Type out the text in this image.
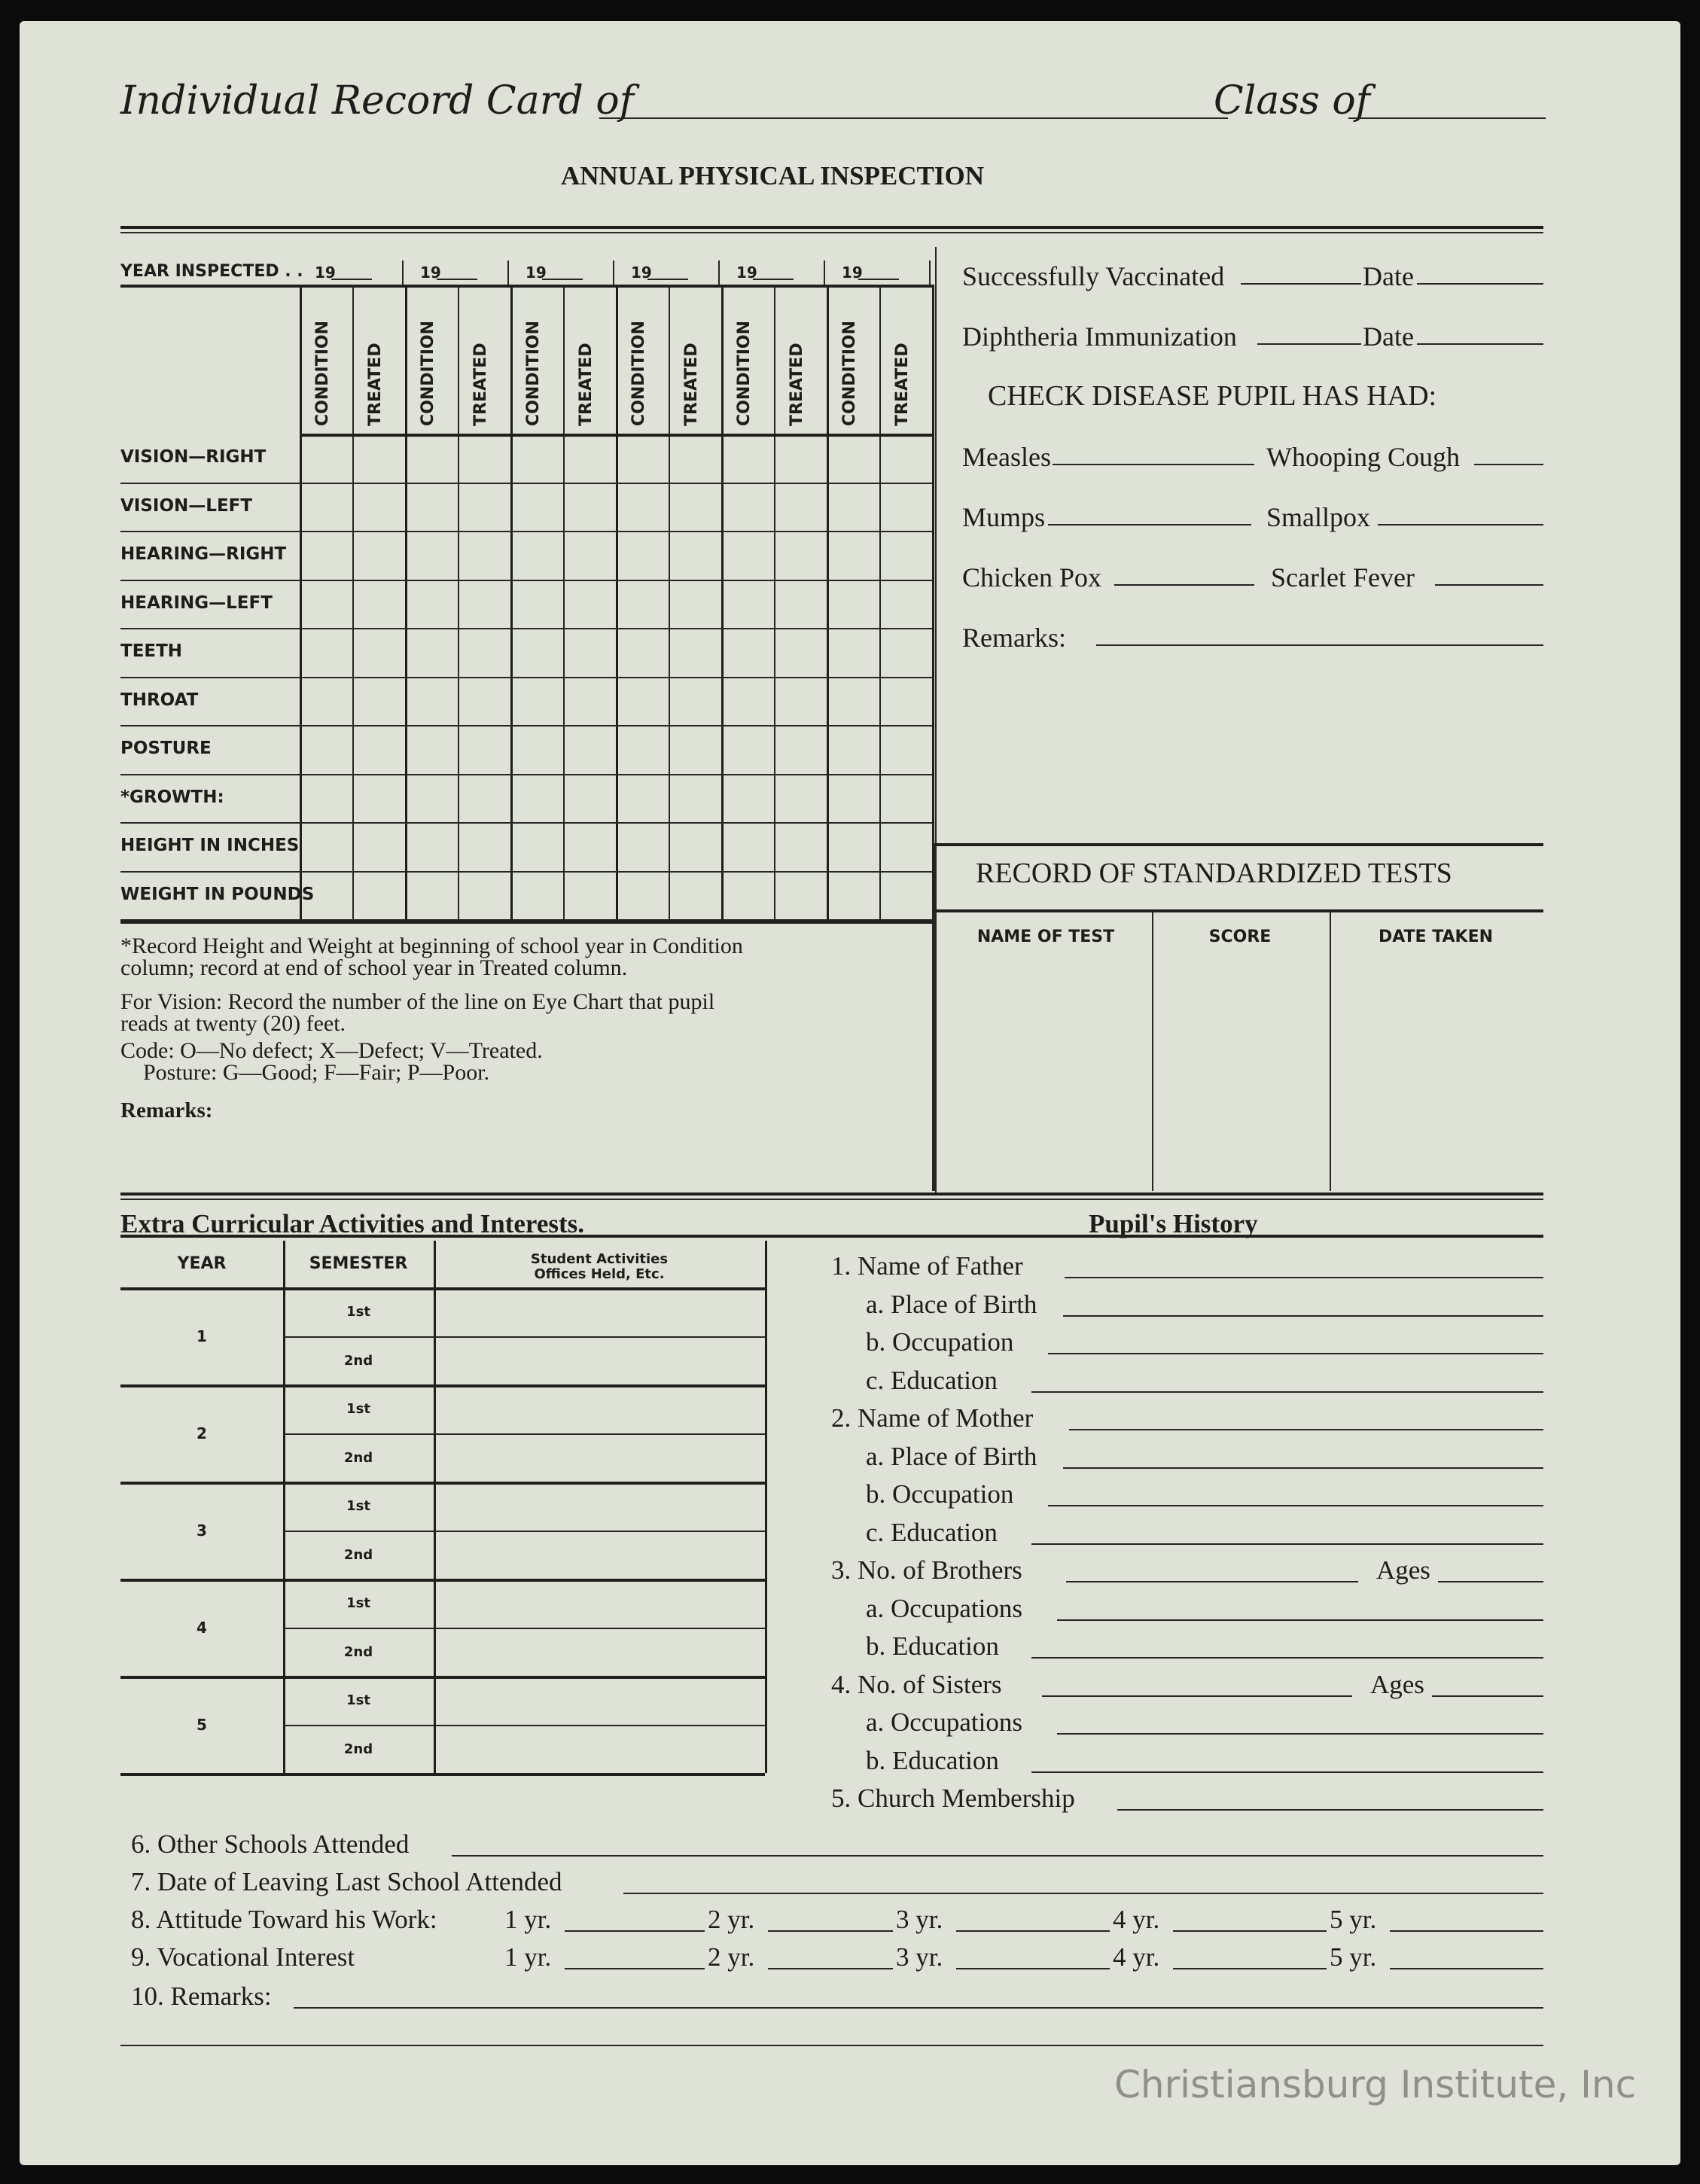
Individual Record Card of	Class of
ANNUAL PHYSICAL INSPECTION
YEAR INSPECTED . . 19	19	19	19	19	19
CONDITION TREATED CONDITION TREATED CONDITION TREATED CONDITION TREATED CONDITION TREATED CONDITION TREATED
VISION—RIGHT
VISION—LEFT
HEARING—RIGHT
HEARING—LEFT
TEETH
THROAT
POSTURE
*GROWTH:
HEIGHT IN INCHES
WEIGHT IN POUNDS
*Record Height and Weight at beginning of school year in Condition
column; record at end of school year in Treated column.
For Vision: Record the number of the line on Eye Chart that pupil
reads at twenty (20) feet.
Code: O—No defect; X—Defect; V—Treated.
Posture: G—Good; F—Fair; P—Poor.
Remarks:
Successfully Vaccinated	Date
Diphtheria Immunization	Date
CHECK DISEASE PUPIL HAS HAD:
Measles	Whooping Cough
Mumps	Smallpox
Chicken Pox	Scarlet Fever
Remarks:
RECORD OF STANDARDIZED TESTS
NAME OF TEST	SCORE	DATE TAKEN
Extra Curricular Activities and Interests.	Pupil's History
YEAR	SEMESTER	Student Activities
Offices Held, Etc.
1
1st
2nd
2
1st
2nd
3
1st
2nd
4
1st
2nd
5
1st
2nd
1. Name of Father
a. Place of Birth
b. Occupation
c. Education
2. Name of Mother
a. Place of Birth
b. Occupation
c. Education
3. No. of Brothers	Ages
a. Occupations
b. Education
4. No. of Sisters	Ages
a. Occupations
b. Education
5. Church Membership
6. Other Schools Attended
7. Date of Leaving Last School Attended
8. Attitude Toward his Work:	1 yr.	2 yr.	3 yr.	4 yr.	5 yr.
9. Vocational Interest	1 yr.	2 yr.	3 yr.	4 yr.	5 yr.
10. Remarks:
Christiansburg Institute, Inc
